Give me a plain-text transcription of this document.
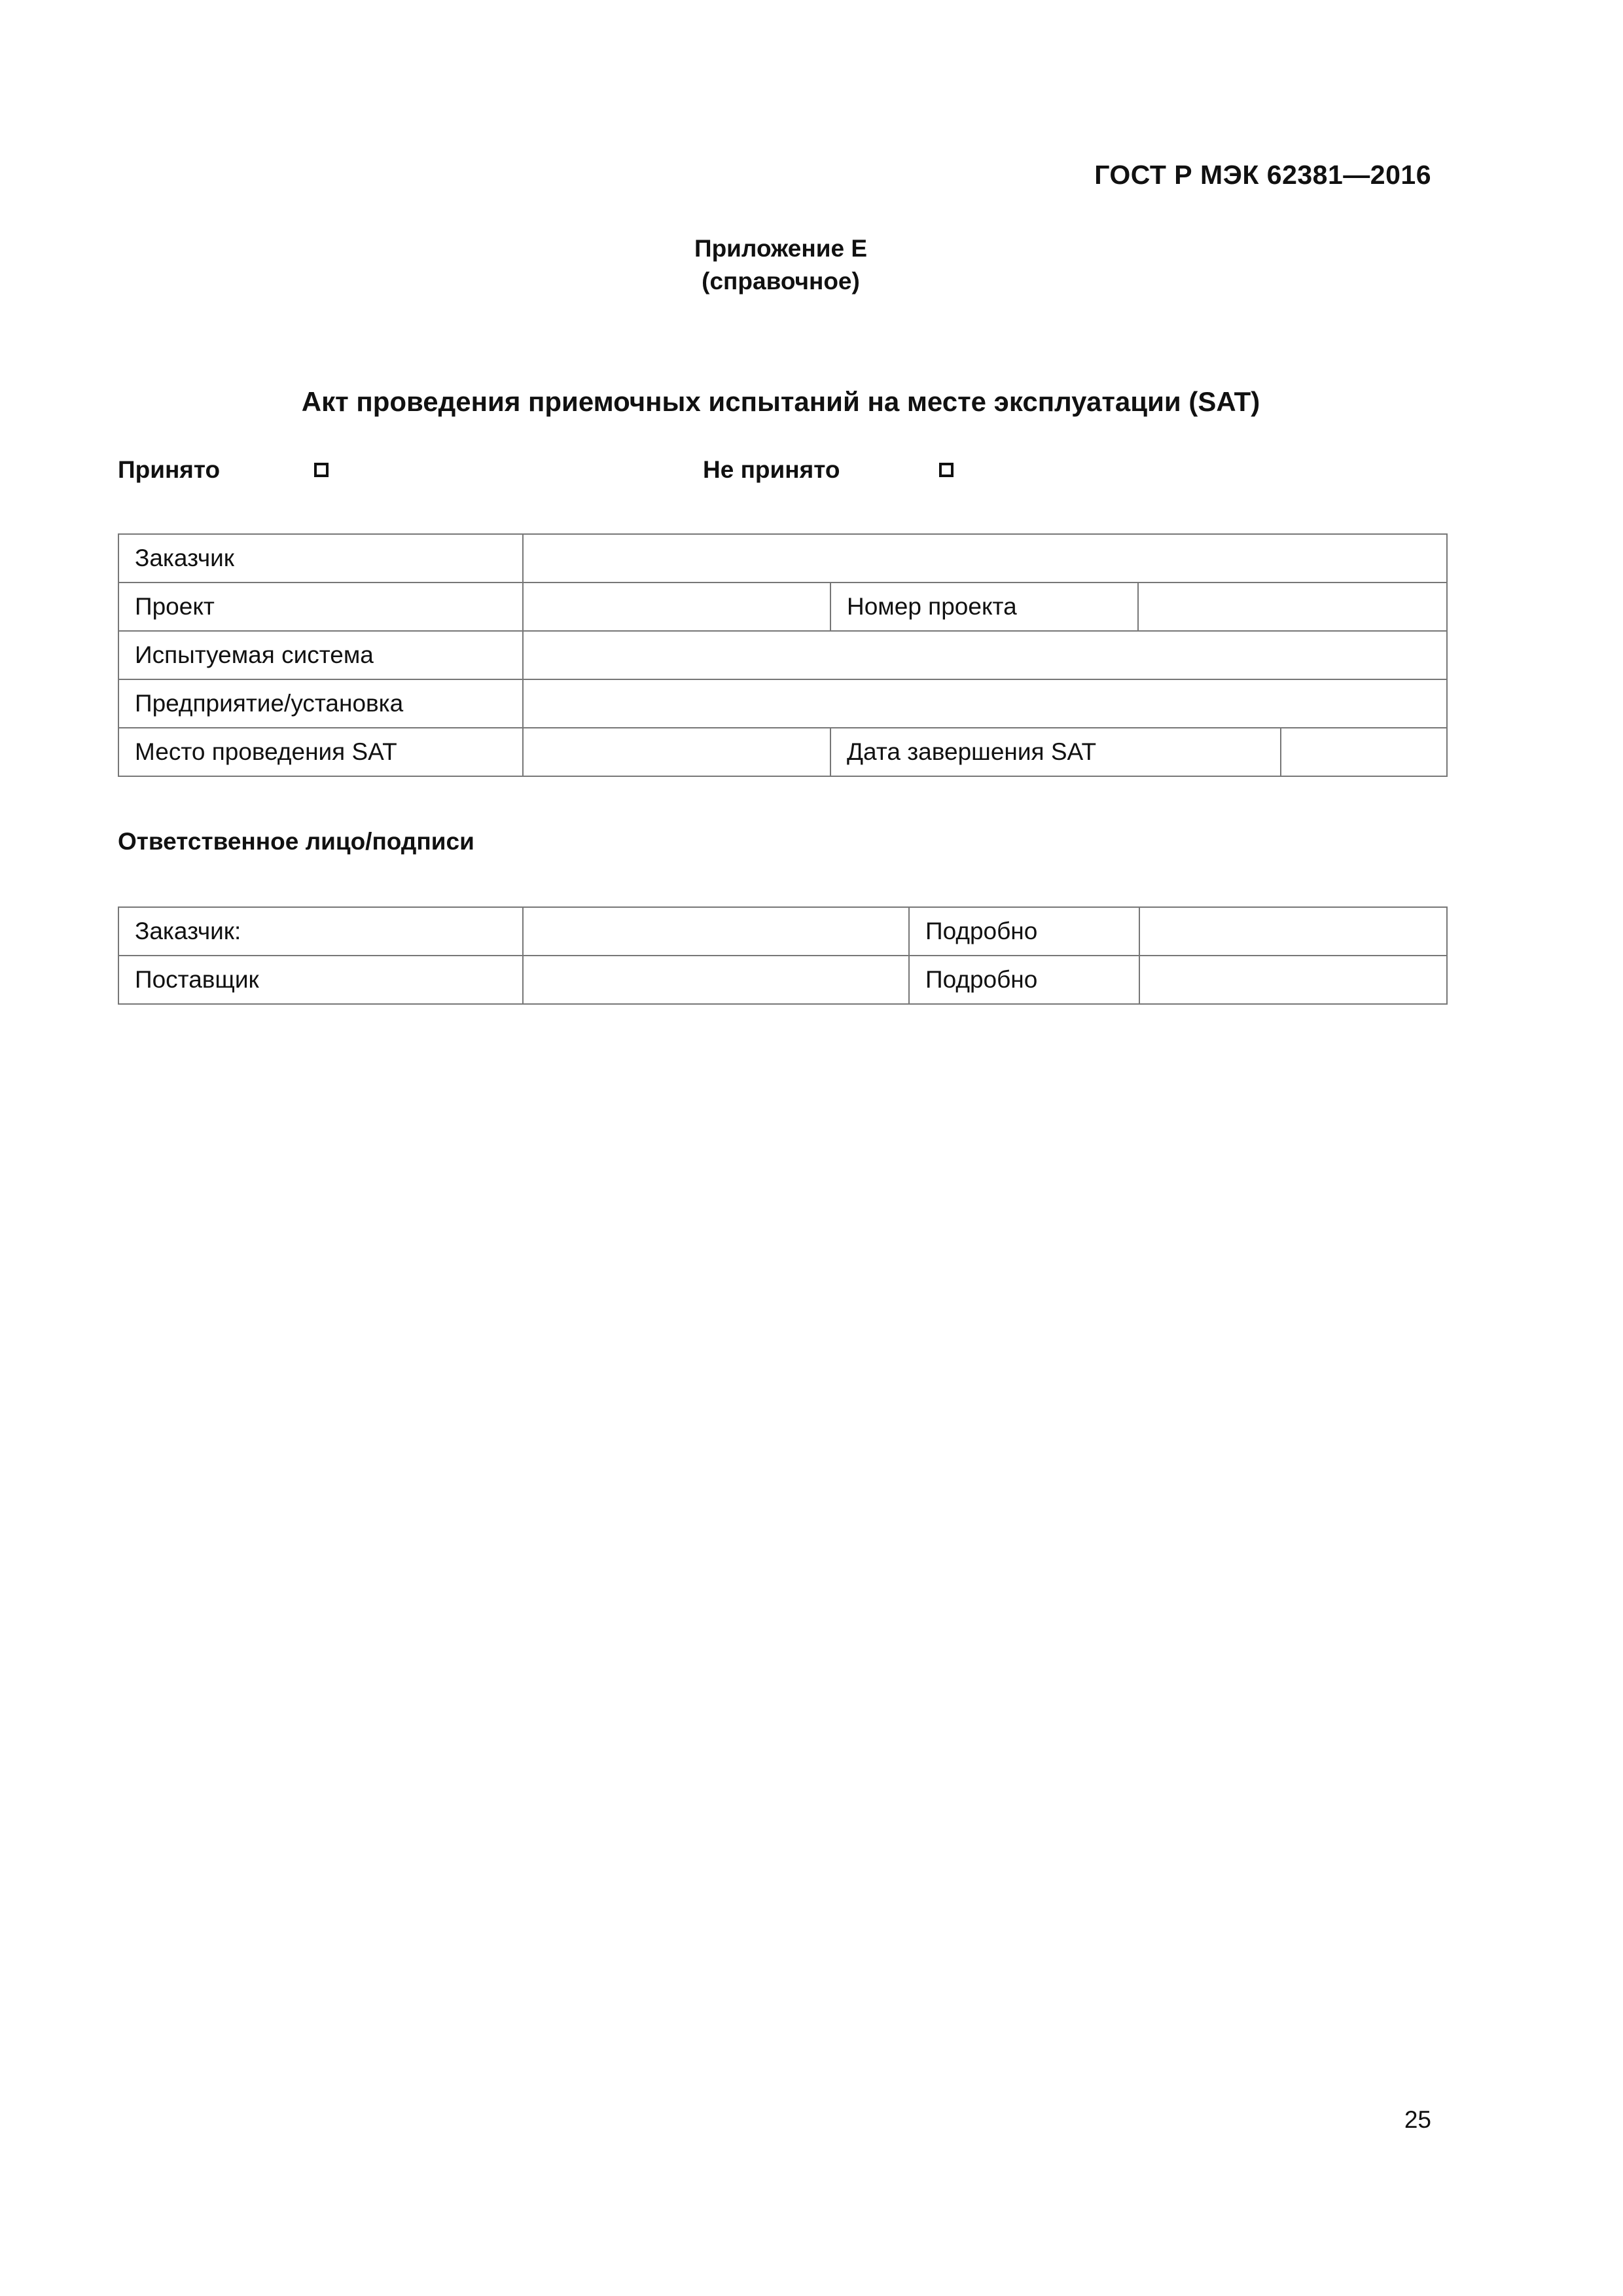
ГОСТ Р МЭК 62381—2016
Приложение Е
(справочное)
Акт проведения приемочных испытаний на месте эксплуатации (SAT)
Принято	Не принято
Заказчик				
Проект		Номер проекта		
Испытуемая система				
Предприятие/установка				
Место проведения SAT		Дата завершения SAT		
Ответственное лицо/подписи
Заказчик:		Подробно	
Поставщик		Подробно	
25
